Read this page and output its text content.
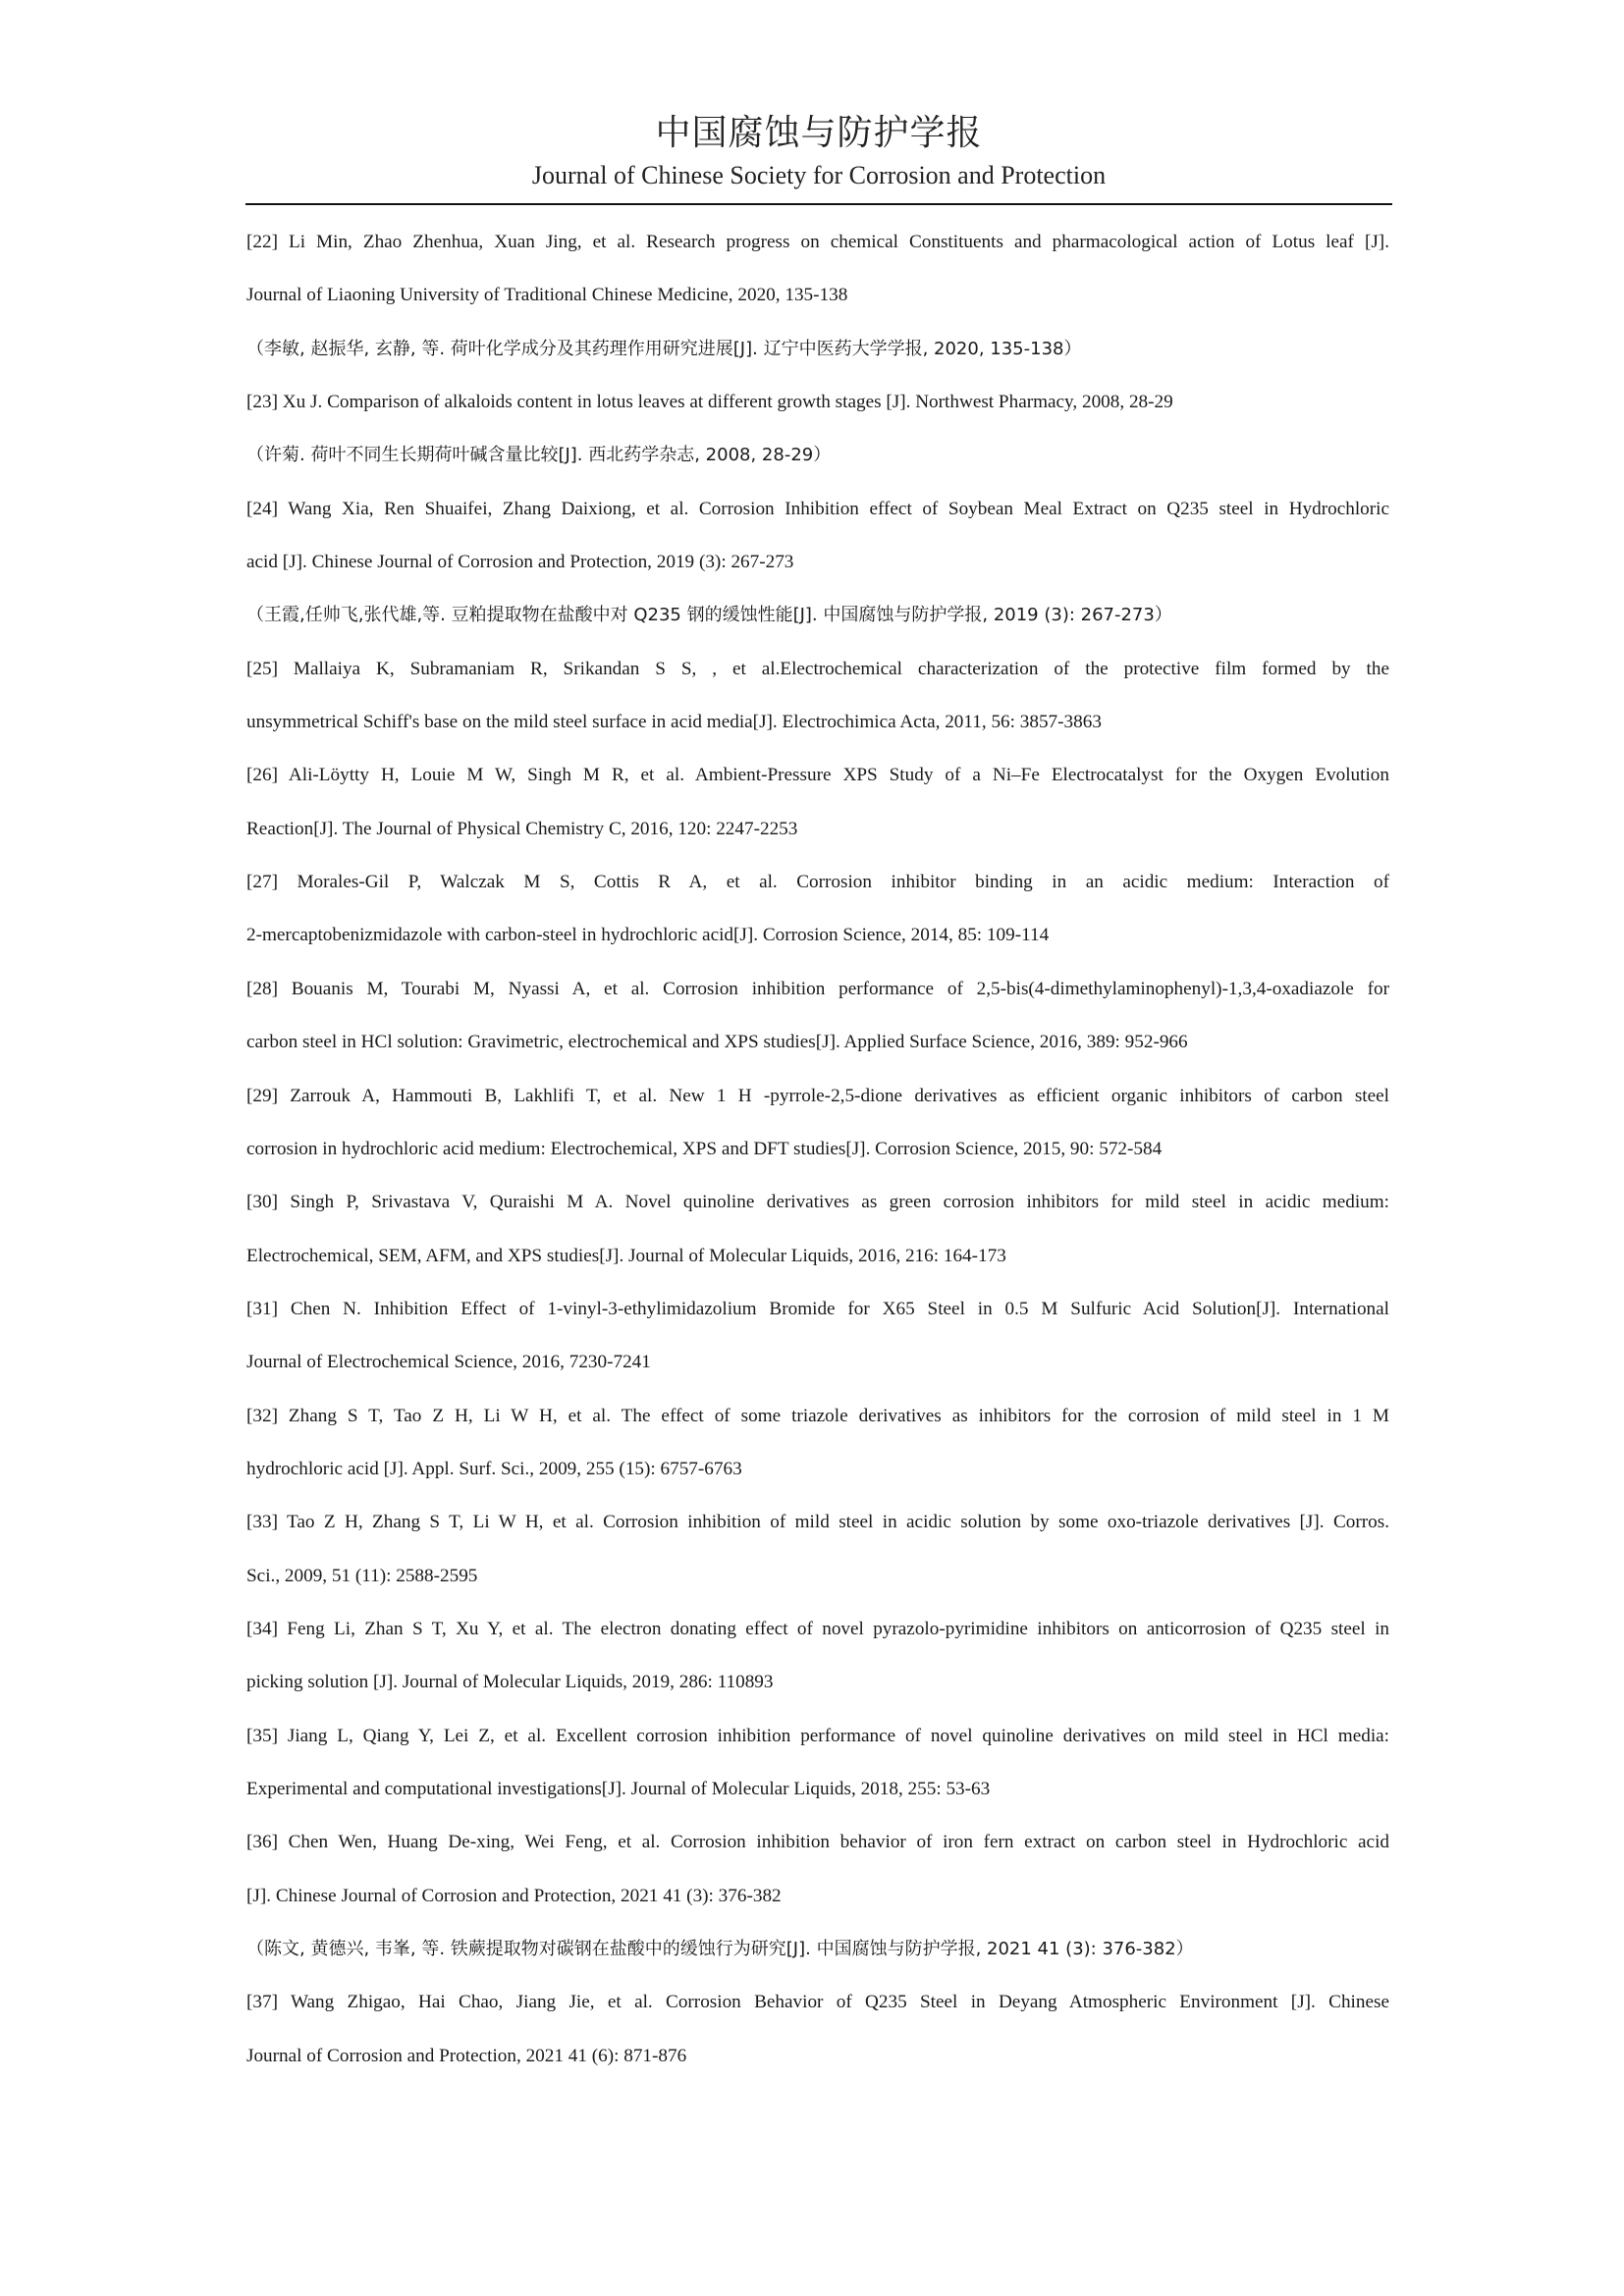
中国腐蚀与防护学报
Journal of Chinese Society for Corrosion and Protection
[22] Li Min, Zhao Zhenhua, Xuan Jing, et al. Research progress on chemical Constituents and pharmacological action of Lotus leaf [J].
Journal of Liaoning University of Traditional Chinese Medicine, 2020, 135-138
（李敏, 赵振华, 玄静, 等. 荷叶化学成分及其药理作用研究进展[J]. 辽宁中医药大学学报, 2020, 135-138）
[23] Xu J. Comparison of alkaloids content in lotus leaves at different growth stages [J]. Northwest Pharmacy, 2008, 28-29
（许菊. 荷叶不同生长期荷叶碱含量比较[J]. 西北药学杂志, 2008, 28-29）
[24] Wang Xia, Ren Shuaifei, Zhang Daixiong, et al. Corrosion Inhibition effect of Soybean Meal Extract on Q235 steel in Hydrochloric
acid [J]. Chinese Journal of Corrosion and Protection, 2019 (3): 267-273
（王霞,任帅飞,张代雄,等. 豆粕提取物在盐酸中对 Q235 钢的缓蚀性能[J]. 中国腐蚀与防护学报, 2019 (3): 267-273）
[25] Mallaiya K, Subramaniam R, Srikandan S S, , et al.Electrochemical characterization of the protective film formed by the
unsymmetrical Schiff's base on the mild steel surface in acid media[J]. Electrochimica Acta, 2011, 56: 3857-3863
[26] Ali-Löytty H, Louie M W, Singh M R, et al. Ambient-Pressure XPS Study of a Ni–Fe Electrocatalyst for the Oxygen Evolution
Reaction[J]. The Journal of Physical Chemistry C, 2016, 120: 2247-2253
[27] Morales-Gil P, Walczak M S, Cottis R A, et al. Corrosion inhibitor binding in an acidic medium: Interaction of
2-mercaptobenizmidazole with carbon-steel in hydrochloric acid[J]. Corrosion Science, 2014, 85: 109-114
[28] Bouanis M, Tourabi M, Nyassi A, et al. Corrosion inhibition performance of 2,5-bis(4-dimethylaminophenyl)-1,3,4-oxadiazole for
carbon steel in HCl solution: Gravimetric, electrochemical and XPS studies[J]. Applied Surface Science, 2016, 389: 952-966
[29] Zarrouk A, Hammouti B, Lakhlifi T, et al. New 1 H -pyrrole-2,5-dione derivatives as efficient organic inhibitors of carbon steel
corrosion in hydrochloric acid medium: Electrochemical, XPS and DFT studies[J]. Corrosion Science, 2015, 90: 572-584
[30] Singh P, Srivastava V, Quraishi M A. Novel quinoline derivatives as green corrosion inhibitors for mild steel in acidic medium:
Electrochemical, SEM, AFM, and XPS studies[J]. Journal of Molecular Liquids, 2016, 216: 164-173
[31] Chen N. Inhibition Effect of 1-vinyl-3-ethylimidazolium Bromide for X65 Steel in 0.5 M Sulfuric Acid Solution[J]. International
Journal of Electrochemical Science, 2016, 7230-7241
[32] Zhang S T, Tao Z H, Li W H, et al. The effect of some triazole derivatives as inhibitors for the corrosion of mild steel in 1 M
hydrochloric acid [J]. Appl. Surf. Sci., 2009, 255 (15): 6757-6763
[33] Tao Z H, Zhang S T, Li W H, et al. Corrosion inhibition of mild steel in acidic solution by some oxo-triazole derivatives [J]. Corros.
Sci., 2009, 51 (11): 2588-2595
[34] Feng Li, Zhan S T, Xu Y, et al. The electron donating effect of novel pyrazolo-pyrimidine inhibitors on anticorrosion of Q235 steel in
picking solution [J]. Journal of Molecular Liquids, 2019, 286: 110893
[35] Jiang L, Qiang Y, Lei Z, et al. Excellent corrosion inhibition performance of novel quinoline derivatives on mild steel in HCl media:
Experimental and computational investigations[J]. Journal of Molecular Liquids, 2018, 255: 53-63
[36] Chen Wen, Huang De-xing, Wei Feng, et al. Corrosion inhibition behavior of iron fern extract on carbon steel in Hydrochloric acid
[J]. Chinese Journal of Corrosion and Protection, 2021 41 (3): 376-382
（陈文, 黄德兴, 韦峯, 等. 铁蕨提取物对碳钢在盐酸中的缓蚀行为研究[J]. 中国腐蚀与防护学报, 2021 41 (3): 376-382）
[37] Wang Zhigao, Hai Chao, Jiang Jie, et al. Corrosion Behavior of Q235 Steel in Deyang Atmospheric Environment [J]. Chinese
Journal of Corrosion and Protection, 2021 41 (6): 871-876
